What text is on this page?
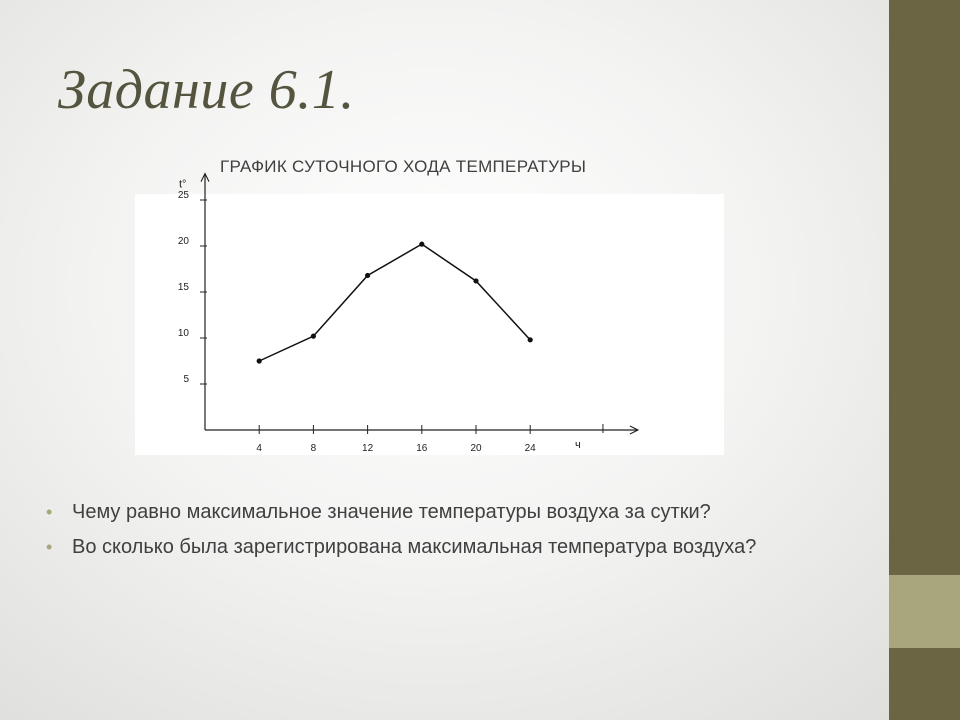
Задание 6.1.
ГРАФИК СУТОЧНОГО ХОДА ТЕМПЕРАТУРЫ
4	8	12	16	20	24
5
10
15
20
25
t°
ч
• Чему равно максимальное значение температуры воздуха за сутки?
• Во сколько была зарегистрирована максимальная температура воздуха?
